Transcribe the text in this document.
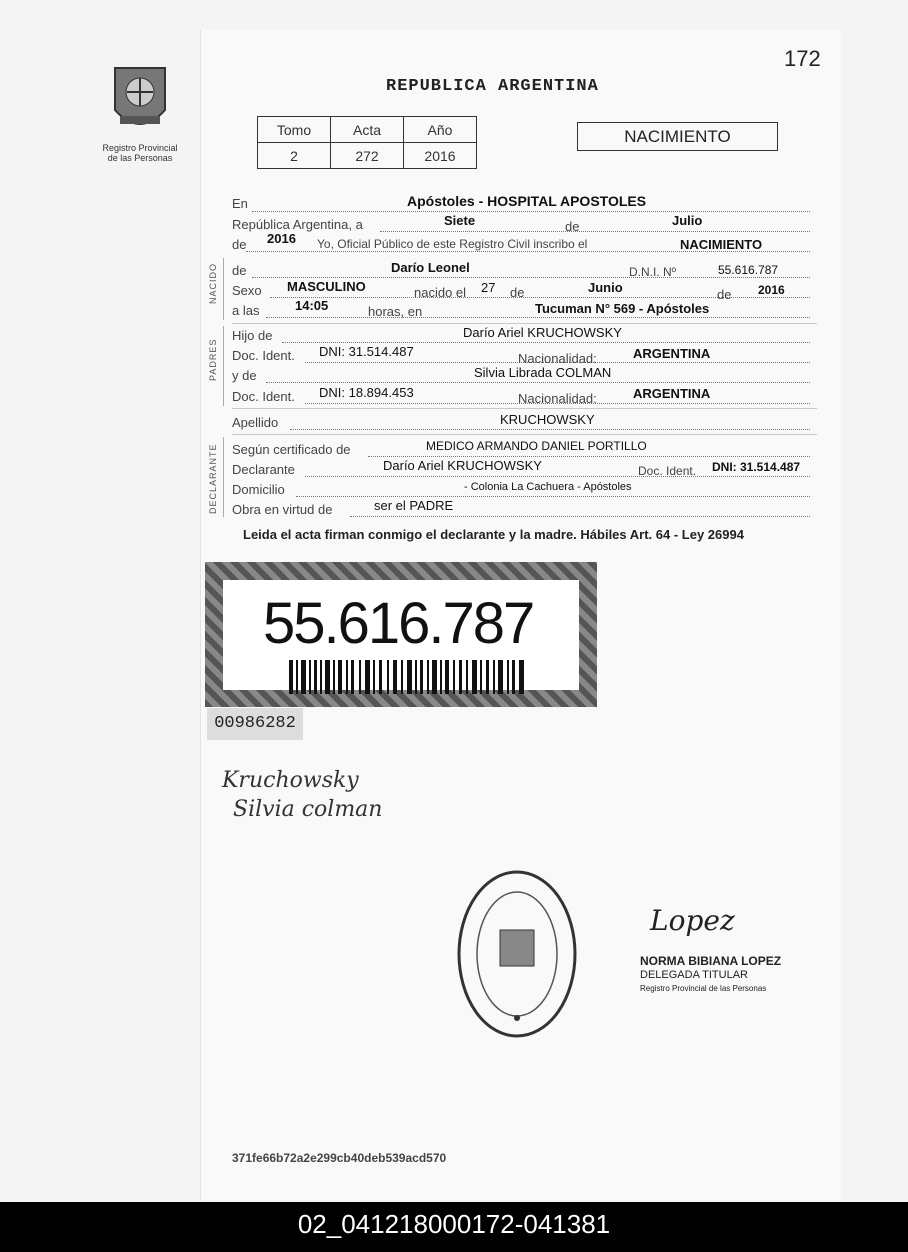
Registro Provincial
de las Personas
172
REPUBLICA ARGENTINA
Tomo	Acta	Año
2	272	2016
NACIMIENTO
En	Apóstoles - HOSPITAL APOSTOLES
República Argentina, a	Siete	de	Julio
de 2016 Yo, Oficial Público de este Registro Civil inscribo el	NACIMIENTO
NACIDO de	Darío Leonel	D.N.I. Nº	55.616.787
Sexo MASCULINO	nacido el 27 de	Junio	de 2016
a las	14:05	horas, en	Tucuman N° 569 - Apóstoles
PADRES
Hijo de	Darío Ariel KRUCHOWSKY
Doc. Ident. DNI: 31.514.487	Nacionalidad:	ARGENTINA
y de	Silvia Librada COLMAN
Doc. Ident. DNI: 18.894.453	Nacionalidad:	ARGENTINA
Apellido	KRUCHOWSKY
DECLARANTE Según certificado de	MEDICO ARMANDO DANIEL PORTILLO
Declarante	Darío Ariel KRUCHOWSKY	Doc. Ident. DNI: 31.514.487
Domicilio	- Colonia La Cachuera - Apóstoles
Obra en virtud de	ser el PADRE
Leida el acta firman conmigo el declarante y la madre. Hábiles Art. 64 - Ley 26994
55.616.787
00986282
Kruchowsky
Silvia colman
Lopez
NORMA BIBIANA LOPEZ
DELEGADA TITULAR
Registro Provincial de las Personas
371fe66b72a2e299cb40deb539acd570
02_041218000172-041381
